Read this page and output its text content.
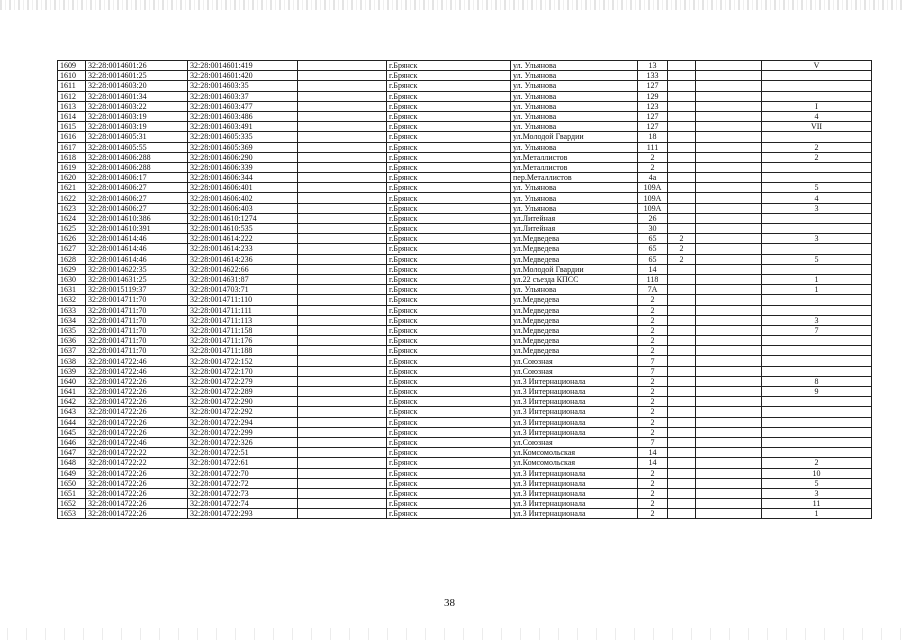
1609	32:28:0014601:26	32:28:0014601:419		г.Брянск	ул. Ульянова	13			V
1610	32:28:0014601:25	32:28:0014601:420		г.Брянск	ул. Ульянова	133			
1611	32:28:0014603:20	32:28:0014603:35		г.Брянск	ул. Ульянова	127			
1612	32:28:0014601:34	32:28:0014603:37		г.Брянск	ул. Ульянова	129			
1613	32:28:0014603:22	32:28:0014603:477		г.Брянск	ул. Ульянова	123			I
1614	32:28:0014603:19	32:28:0014603:486		г.Брянск	ул. Ульянова	127			4
1615	32:28:0014603:19	32:28:0014603:491		г.Брянск	ул. Ульянова	127			VII
1616	32:28:0014605:31	32:28:0014605:335		г.Брянск	ул.Молодой Гвардии	18			
1617	32:28:0014605:55	32:28:0014605:369		г.Брянск	ул. Ульянова	111			2
1618	32:28:0014606:288	32:28:0014606:290		г.Брянск	ул.Металлистов	2			2
1619	32:28:0014606:288	32:28:0014606:339		г.Брянск	ул.Металлистов	2			
1620	32:28:0014606:17	32:28:0014606:344		г.Брянск	пер.Металлистов	4а			
1621	32:28:0014606:27	32:28:0014606:401		г.Брянск	ул. Ульянова	109А			5
1622	32:28:0014606:27	32:28:0014606:402		г.Брянск	ул. Ульянова	109А			4
1623	32:28:0014606:27	32:28:0014606:403		г.Брянск	ул. Ульянова	109А			3
1624	32:28:0014610:386	32:28:0014610:1274		г.Брянск	ул.Литейная	26			
1625	32:28:0014610:391	32:28:0014610:535		г.Брянск	ул.Литейная	30			
1626	32:28:0014614:46	32:28:0014614:222		г.Брянск	ул.Медведева	65	2		3
1627	32:28:0014614:46	32:28:0014614:233		г.Брянск	ул.Медведева	65	2		
1628	32:28:0014614:46	32:28:0014614:236		г.Брянск	ул.Медведева	65	2		5
1629	32:28:0014622:35	32:28:0014622:66		г.Брянск	ул.Молодой Гвардии	14			
1630	32:28:0014631:25	32:28:0014631:87		г.Брянск	ул.22 съезда КПСС	118			1
1631	32:28:0015119:37	32:28:0014703:71		г.Брянск	ул. Ульянова	7А			1
1632	32:28:0014711:70	32:28:0014711:110		г.Брянск	ул.Медведева	2			
1633	32:28:0014711:70	32:28:0014711:111		г.Брянск	ул.Медведева	2			
1634	32:28:0014711:70	32:28:0014711:113		г.Брянск	ул.Медведева	2			3
1635	32:28:0014711:70	32:28:0014711:158		г.Брянск	ул.Медведева	2			7
1636	32:28:0014711:70	32:28:0014711:176		г.Брянск	ул.Медведева	2			
1637	32:28:0014711:70	32:28:0014711:188		г.Брянск	ул.Медведева	2			
1638	32:28:0014722:46	32:28:0014722:152		г.Брянск	ул.Союзная	7			
1639	32:28:0014722:46	32:28:0014722:170		г.Брянск	ул.Союзная	7			
1640	32:28:0014722:26	32:28:0014722:279		г.Брянск	ул.3 Интернационала	2			8
1641	32:28:0014722:26	32:28:0014722:289		г.Брянск	ул.3 Интернационала	2			9
1642	32:28:0014722:26	32:28:0014722:290		г.Брянск	ул.3 Интернационала	2			
1643	32:28:0014722:26	32:28:0014722:292		г.Брянск	ул.3 Интернационала	2			
1644	32:28:0014722:26	32:28:0014722:294		г.Брянск	ул.3 Интернационала	2			
1645	32:28:0014722:26	32:28:0014722:299		г.Брянск	ул.3 Интернационала	2			
1646	32:28:0014722:46	32:28:0014722:326		г.Брянск	ул.Союзная	7			
1647	32:28:0014722:22	32:28:0014722:51		г.Брянск	ул.Комсомольская	14			
1648	32:28:0014722:22	32:28:0014722:61		г.Брянск	ул.Комсомольская	14			2
1649	32:28:0014722:26	32:28:0014722:70		г.Брянск	ул.3 Интернационала	2			10
1650	32:28:0014722:26	32:28:0014722:72		г.Брянск	ул.3 Интернационала	2			5
1651	32:28:0014722:26	32:28:0014722:73		г.Брянск	ул.3 Интернационала	2			3
1652	32:28:0014722:26	32:28:0014722:74		г.Брянск	ул.3 Интернационала	2			11
1653	32:28:0014722:26	32:28:0014722:293		г.Брянск	ул.3 Интернационала	2			1
38
